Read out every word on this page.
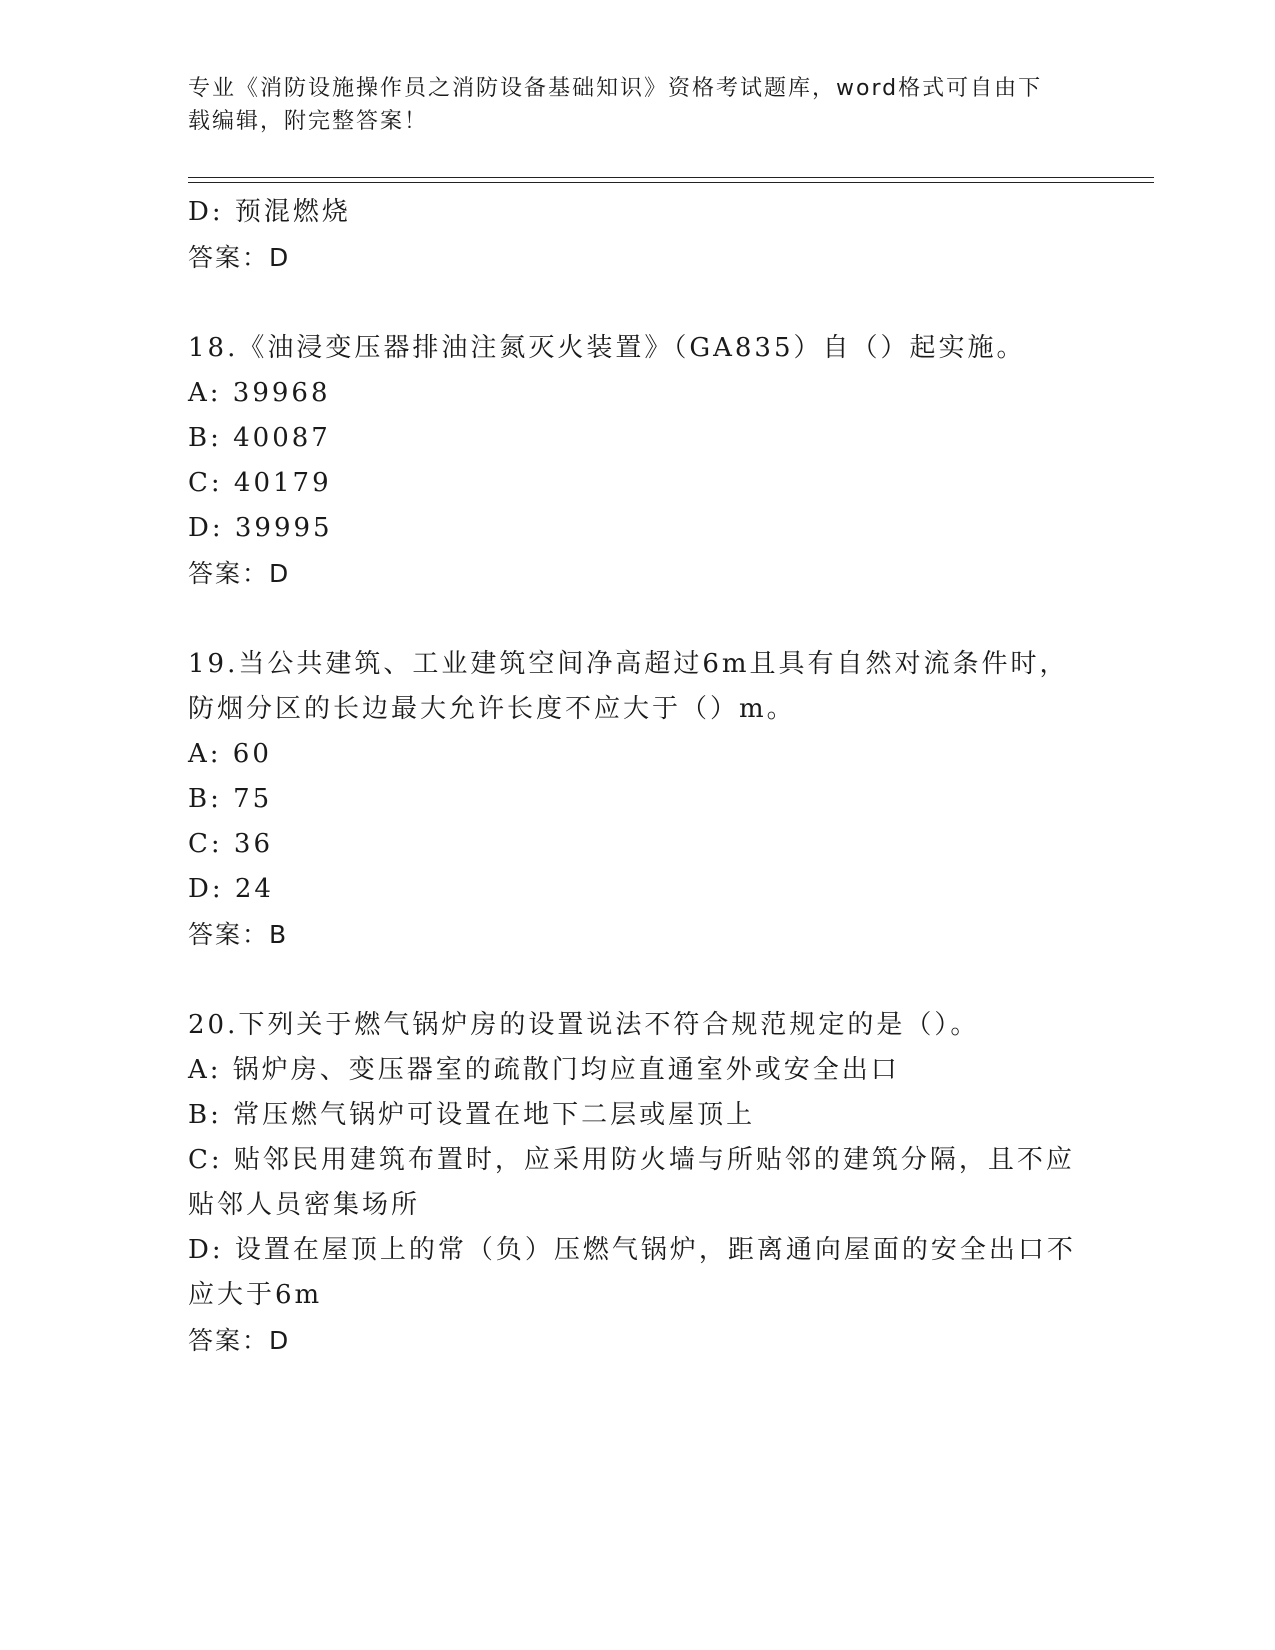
专业《消防设施操作员之消防设备基础知识》资格考试题库，word格式可自由下
载编辑，附完整答案！
D: 预混燃烧
答案：D
18.《油浸变压器排油注氮灭火装置》（GA835）自（）起实施。
A: 39968
B: 40087
C: 40179
D: 39995
答案：D
19.当公共建筑、工业建筑空间净高超过6m且具有自然对流条件时，
防烟分区的长边最大允许长度不应大于（）m。
A: 60
B: 75
C: 36
D: 24
答案：B
20.下列关于燃气锅炉房的设置说法不符合规范规定的是（）。
A: 锅炉房、变压器室的疏散门均应直通室外或安全出口
B: 常压燃气锅炉可设置在地下二层或屋顶上
C: 贴邻民用建筑布置时，应采用防火墙与所贴邻的建筑分隔，且不应
贴邻人员密集场所
D: 设置在屋顶上的常（负）压燃气锅炉，距离通向屋面的安全出口不
应大于6m
答案：D
